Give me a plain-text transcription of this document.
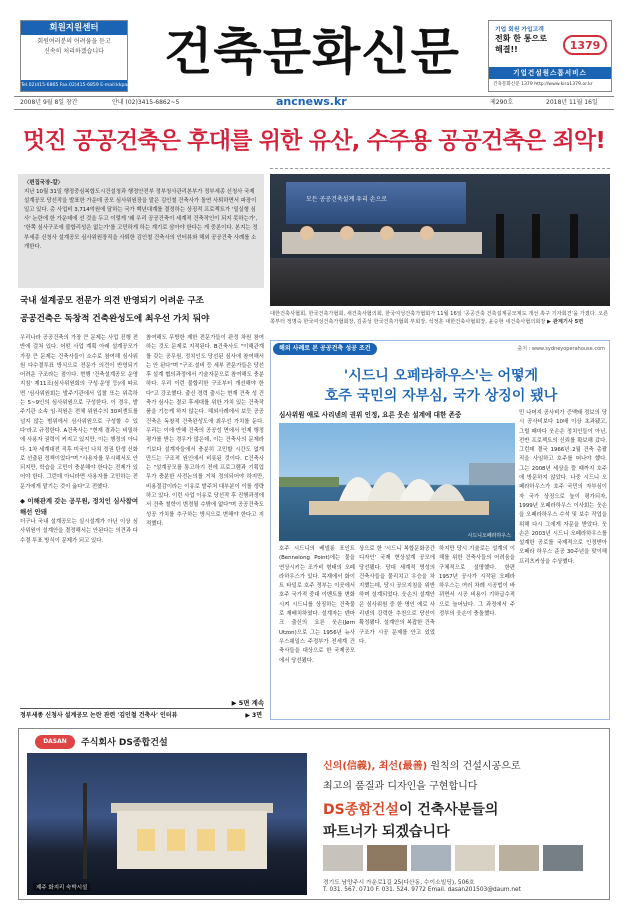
회원지원센터
회원여러분의 어려움을 듣고
신속히 처리하겠습니다
Tel.02)415-6865 Fax.02)415-6859 E-mail:kkpa@kira.or.kr
건축문화신문	기업 회원 가입고객
전화 한 통으로
해결!!	1379
기업건설원스톱서비스
건축문화신문 1379 http://www.kira1379.or.kr
2008년 9월 8일 창간	안내 (02)3415-6862~5	ancnews.kr	제290호	2018년 11월 16일
멋진 공공건축은 후대를 위한 유산, 수주용 공공건축은 죄악!
〈편집국장-칼〉
지난 10월 31일 행정중심복합도시건설청과 행정안전부 정부청사관리본부가 정부세종 신청사 국제설계공모 당선작을 발표한 가운데 공모 심사위원장을 맡은 김인철 건축사가 돌연 사퇴하면서 파장이 일고 있다. 총 사업비 3,714억원에 달하는 국가 백년대계를 결정하는 상징적 프로젝트가 '밀실형 심사' 논란에 한 가운데에 선 것을 두고 이렇게 '왜 우리 공공건축이 세계적 건축작인이 되지 못하는가', '한쪽 심사구조에 불합리성은 없는가'를 고민하게 하는 계기로 삼아야 한다는 게 중론이다. 본지는 정부세종 신청사 설계공모 심사위원장직을 사퇴한 김인철 건축사의 인터뷰와 해외 공공건축 사례를 소개한다.
모든 공공건축설계 우리 손으로
대한건축사협회, 한국건축가협회, 새건축사협의회, 한국여성건축가협회가 11월 16일 '공공건축 건축설계공모제도 개선 촉구 기자회견'을 가졌다. 오른쪽부터 정명숙 한국여성건축가협회장, 김종성 한국건축가협회 부회장, 석정훈 대한건축사협회장, 윤승현 새건축사협의회장 ▶ 관계기사 5면
국내 설계공모 전문가 의견 반영되기 어려운 구조
공공건축은 독창적 건축완성도에 최우선 가치 둬야
우리나라 공공건축의 가장 큰 문제는 사업 진행 전반에 걸쳐 있다. 어떤 사업 계획 아래 설계공모가 가장 큰 문제는 건축사들이 소수로 참여해 심사위원 다수결투표 방식으로 전문가 의견이 반영되기 어려운 구조라는 점이다. 현행 '건축설계공모 운영지침' 제11조(심사위원회의 구성·운영 등)에 따르면 '심사위원회는 발주기관에서 입찰 또는 위촉하는 5~9인의 심사위원으로 구성한다. 이 경우, 발주기관 소속 임·직원은 전체 위원수의 30퍼센트를 넘지 않는 범위에서 심사위원으로 구성할 수 있다'라고 규정한다. A건축사는 "현재 결과는 비밀하에 사용자 권력이 커지고 있지만, 이는 행정의 아니다. 1차 세계대전 직후 미국인 나치 정권 탄생 신화로 선출된 정책이었다"며 "사용자를 무시해서도 안 되지만, 학습을 고민이 충분해야 한다는 전제가 있어야 한다. 그런데 아니라면 사용자를 고민하는 전문가에게 맡기는 것이 옳다"고 전했다.
◆ 이해관계 갖는 공무원, 정치인 심사참여해선 안돼
더구나 국내 설계공모는 실시설계가 아닌 이상 심사위원이 설계안을 결정해서는 안된다는 의견과 다수결 투표 방식이 문제가 되고 있다.
참여해도 무방한 제한 전문가들이 판정 차원 참여하는 것도 문제로 지적된다. B건축사도 "이해관계를 갖는 공무원, 정치인도 당선된 심사에 참여해서는 안 된다"며 "구조·설비 등 세부 전문가들은 당선 후 설계 협의과정에서 기술자문으로 참여해도 충분하다. 우리 이런 불합리한 구조부터 개선해야 한다"고 강조했다. 출신 경력 출시는 현재 건축 성 건축가 심사는 결코 후세대를 위한 가치 있는 건축작품을 기능케 하지 않는다. 해외사례에서 보듯 공공건축은 독창적 건축완성도에 최우선 가치를 둔다. 우리는 이에 반해 건축의 공공성 면에서 언제 행정 평가를 받는 경우가 많은데, 이는 건축사의 문제라기보다 설계자들에서 충분히 고민할 시간도 없게 만드는 구조적 원인에서 비롯된 것이다. C건축사는 "설계공모를 통고하기 전에 프로그램과 기획업무가 충분한 사전논의를 거쳐 정의되어야 하지만, 비용절감이라는 이유로 발주처 대부분이 이를 생략하고 있다. 이런 사업 이유로 당선작 후 진행과정에서 건축 철학이 변경될 수밖에 없다"며 공공건축도 성공 가치를 추구하는 방식으로 변해야 한다고 지적했다.
▶ 5면 계속
정부세종 신청사 설계공모 논란 관련 '김인철 건축사' 인터뷰	▶ 3면
해외 사례로 본 공공건축 성공 조건	출처 : www.sydneyoperahouse.com
'시드니 오페라하우스'는 어떻게
호주 국민의 자부심, 국가 상징이 됐나
심사위원 애로 사리넨의 권위 인정, 요른 웃손 설계에 대한 존중
시드니오페라하우스
민 나머지 공사비가 증액돼 정보의 당시 공사비보다 10배 이상 초과됐고, 그럴 때마다 웃손은 정치인들이 아닌, 전반 프로젝트의 신뢰를 확보해 갔다. 그런데 결국 1966년 2월 건축 총괄직을 사임하고 호주를 떠나야 했다. 그는 2008년 세상을 뜰 때까지 호주에 방문하지 않았다. 나중 시드니 오페라하우스가 호주 국민의 자부심이자 국가 상징으로 높이 평가되자, 1999년 오페라하우스 이사회는 웃손을 오페라하우스 수석 및 보수 작업을 위해 다시 그에게 자문을 받았다. 웃손은 2003년 시드니 오페라하우스를 설계한 공로를 국제적으로 인정받아 오페라 하우스 준공 30주년을 맞이해 프리츠커상을 수상했다.
호주 시드니의 베넬롱 포인트(Bennelong Point)에는 물을 연상시키는 조가비 형태의 오페라하우스가 있다. 목재에서 화이트 타일로 호주 정부는 이곳에서 호주 국가적 중대 이벤트를 변화시켜 시드니를 상징하는 건축물로 재배치하였다. 설계자는 덴마크 출신의 요른 웃손(Jørn Utzon)으로 그는 1956년 뉴사우스웨일스 주정부가 전세계 건축사들을 대상으로 한 국제공모에서 당선됐다.
상으로 한 '시드니 복합문화공간 디자인' 국제 현상설계 공모에 당선됐다. 당대 세계적 명성의 건축사들을 물리치고 우승을 차지했는데, 당시 공모지침을 위반하며 설계되었다. 웃손의 설계안은 심사위원 중 한 명인 에로 사리넨의 강력한 추천으로 당선이 확정됐다. 설계안의 복잡한 건축 구조가 시공 문제를 안고 있었다.
하지만 당시 기술로는 설계의 이해를 위한 건축사들의 어려움을 구체적으로 설명했다. 한편 1957년 공사가 시작된 오페라하우스는 여러 차례 시공법이 바뀌면서 시공 비용이 기하급수적으로 늘어났다. 그 과정에서 주정부의 웃손이 충돌했다.
DASAN	주식회사 DS종합건설
제주 화지리 숙박시설
신의(信義), 최선(最善) 원칙의 건설시공으로
최고의 품질과 디자인을 구현합니다
DS종합건설이 건축사분들의
파트너가 되겠습니다
경기도 남양주시 가운로1길 25(다산동, 수이소빌딩), 506호
T. 031. 567. 0710 F. 031. 524. 9772 Email. dasan201503@daum.net
